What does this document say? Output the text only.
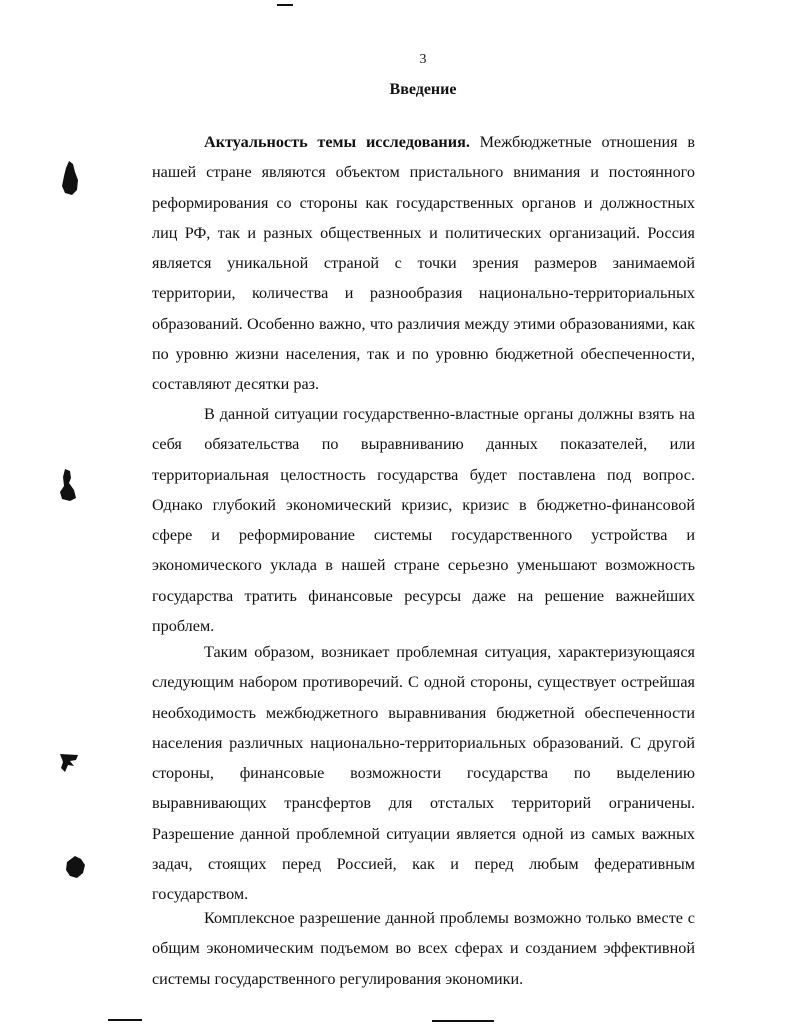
3
Введение

Актуальность темы исследования. Межбюджетные отношения в нашей стране являются объектом пристального внимания и постоянного реформирования со стороны как государственных органов и должностных лиц РФ, так и разных общественных и политических организаций. Россия является уникальной страной с точки зрения размеров занимаемой территории, количества и разнообразия национально-территориальных образований. Особенно важно, что различия между этими образованиями, как по уровню жизни населения, так и по уровню бюджетной обеспеченности, составляют десятки раз.

В данной ситуации государственно-властные органы должны взять на себя обязательства по выравниванию данных показателей, или территориальная целостность государства будет поставлена под вопрос. Однако глубокий экономический кризис, кризис в бюджетно-финансовой сфере и реформирование системы государственного устройства и экономического уклада в нашей стране серьезно уменьшают возможность государства тратить финансовые ресурсы даже на решение важнейших проблем.

Таким образом, возникает проблемная ситуация, характеризующаяся следующим набором противоречий. С одной стороны, существует острейшая необходимость межбюджетного выравнивания бюджетной обеспеченности населения различных национально-территориальных образований. С другой стороны, финансовые возможности государства по выделению выравнивающих трансфертов для отсталых территорий ограничены. Разрешение данной проблемной ситуации является одной из самых важных задач, стоящих перед Россией, как и перед любым федеративным государством.

Комплексное разрешение данной проблемы возможно только вместе с общим экономическим подъемом во всех сферах и созданием эффективной системы государственного регулирования экономики.
